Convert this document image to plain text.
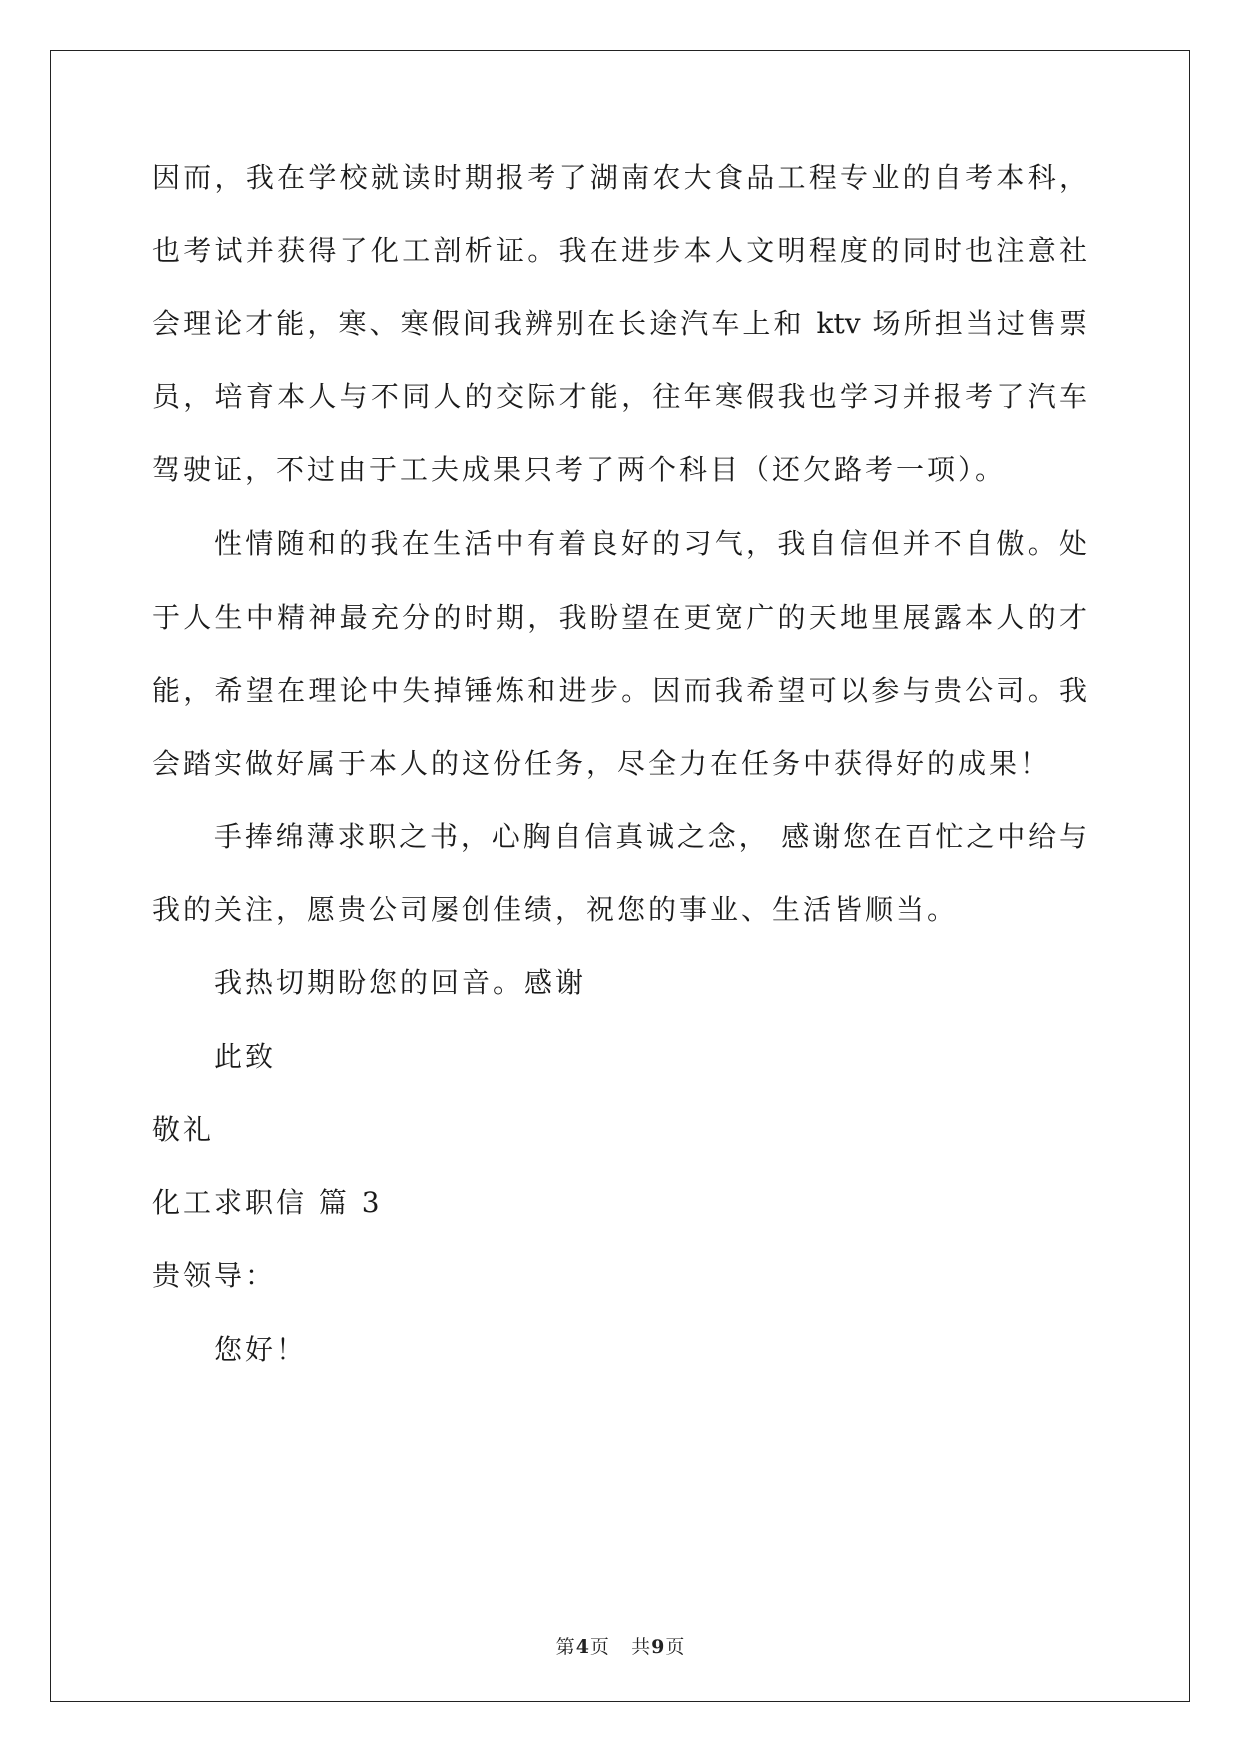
因而，我在学校就读时期报考了湖南农大食品工程专业的自考本科，
也考试并获得了化工剖析证。我在进步本人文明程度的同时也注意社
会理论才能，寒、寒假间我辨别在长途汽车上和 ktv 场所担当过售票
员，培育本人与不同人的交际才能，往年寒假我也学习并报考了汽车
驾驶证，不过由于工夫成果只考了两个科目（还欠路考一项）。
性情随和的我在生活中有着良好的习气，我自信但并不自傲。处
于人生中精神最充分的时期，我盼望在更宽广的天地里展露本人的才
能，希望在理论中失掉锤炼和进步。因而我希望可以参与贵公司。我
会踏实做好属于本人的这份任务，尽全力在任务中获得好的成果！
手捧绵薄求职之书，心胸自信真诚之念， 感谢您在百忙之中给与
我的关注，愿贵公司屡创佳绩，祝您的事业、生活皆顺当。
我热切期盼您的回音。感谢
此致
敬礼
化工求职信 篇 3
贵领导：
您好！
第4页 共9页
